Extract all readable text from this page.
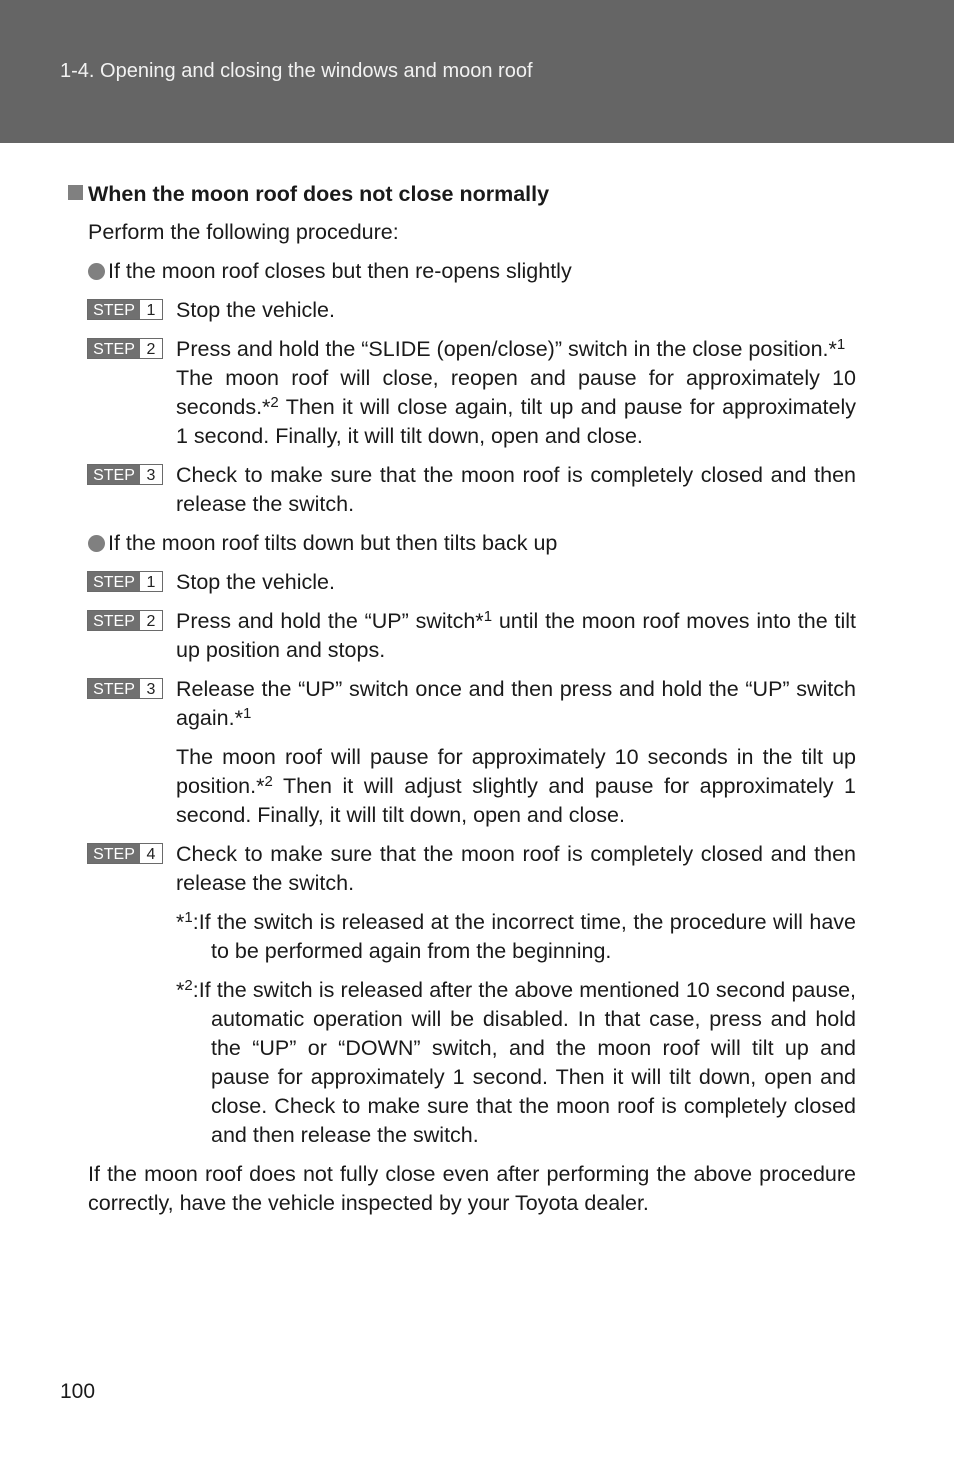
1-4. Opening and closing the windows and moon roof
When the moon roof does not close normally
Perform the following procedure:
If the moon roof closes but then re-opens slightly
STEP 1 Stop the vehicle.

STEP 2 Press and hold the “SLIDE (open/close)” switch in the close position.*$^1$

The moon roof will close, reopen and pause for approximately 10 seconds.*$^2$ Then it will close again, tilt up and pause for approximately 1 second. Finally, it will tilt down, open and close.

STEP 3 Check to make sure that the moon roof is completely closed and then release the switch.

If the moon roof tilts down but then tilts back up
STEP 1 Stop the vehicle.

STEP 2 Press and hold the “UP” switch*$^1$ until the moon roof moves into the tilt up position and stops.

STEP 3 Release the “UP” switch once and then press and hold the “UP” switch again.*$^1$

The moon roof will pause for approximately 10 seconds in the tilt up position.*$^2$ Then it will adjust slightly and pause for approximately 1 second. Finally, it will tilt down, open and close.

STEP 4 Check to make sure that the moon roof is completely closed and then release the switch.

*$^1$:If the switch is released at the incorrect time, the procedure will have to be performed again from the beginning.
*$^2$:If the switch is released after the above mentioned 10 second pause, automatic operation will be disabled. In that case, press and hold the “UP” or “DOWN” switch, and the moon roof will tilt up and pause for approximately 1 second. Then it will tilt down, open and close. Check to make sure that the moon roof is completely closed and then release the switch.
If the moon roof does not fully close even after performing the above procedure correctly, have the vehicle inspected by your Toyota dealer.
100
